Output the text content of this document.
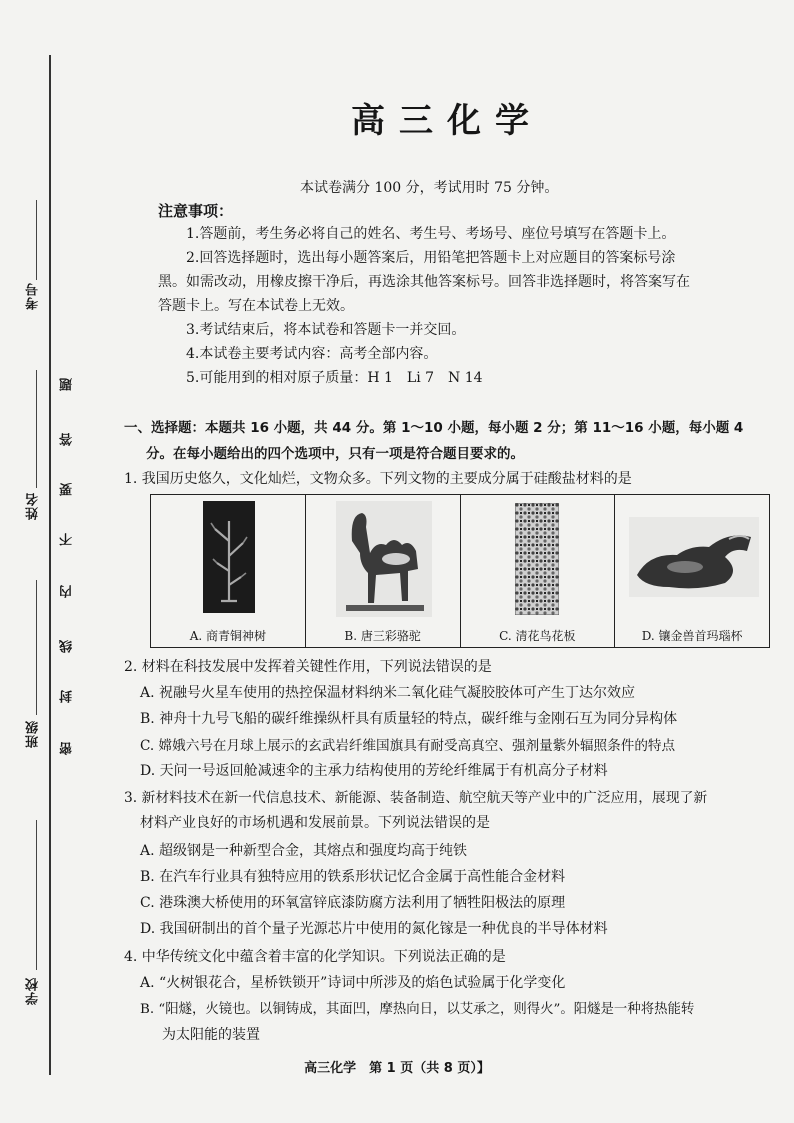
考号
姓名
班级
学校
题
答
要
不
内
线
封
密
高三化学
本试卷满分 100 分，考试用时 75 分钟。
注意事项：
1.答题前，考生务必将自己的姓名、考生号、考场号、座位号填写在答题卡上。
2.回答选择题时，选出每小题答案后，用铅笔把答题卡上对应题目的答案标号涂
黑。如需改动，用橡皮擦干净后，再选涂其他答案标号。回答非选择题时，将答案写在
答题卡上。写在本试卷上无效。
3.考试结束后，将本试卷和答题卡一并交回。
4.本试卷主要考试内容：高考全部内容。
5.可能用到的相对原子质量：H 1　Li 7　N 14
一、选择题：本题共 16 小题，共 44 分。第 1～10 小题，每小题 2 分；第 11～16 小题，每小题 4
分。在每小题给出的四个选项中，只有一项是符合题目要求的。
1. 我国历史悠久，文化灿烂，文物众多。下列文物的主要成分属于硅酸盐材料的是
A. 商青铜神树	B. 唐三彩骆驼	C. 清花鸟花板	D. 镶金兽首玛瑙杯
2. 材料在科技发展中发挥着关键性作用，下列说法错误的是
A. 祝融号火星车使用的热控保温材料纳米二氧化硅气凝胶胶体可产生丁达尔效应
B. 神舟十九号飞船的碳纤维操纵杆具有质量轻的特点，碳纤维与金刚石互为同分异构体
C. 嫦娥六号在月球上展示的玄武岩纤维国旗具有耐受高真空、强剂量紫外辐照条件的特点
D. 天问一号返回舱减速伞的主承力结构使用的芳纶纤维属于有机高分子材料
3. 新材料技术在新一代信息技术、新能源、装备制造、航空航天等产业中的广泛应用，展现了新
材料产业良好的市场机遇和发展前景。下列说法错误的是
A. 超级钢是一种新型合金，其熔点和强度均高于纯铁
B. 在汽车行业具有独特应用的铁系形状记忆合金属于高性能合金材料
C. 港珠澳大桥使用的环氧富锌底漆防腐方法利用了牺牲阳极法的原理
D. 我国研制出的首个量子光源芯片中使用的氮化镓是一种优良的半导体材料
4. 中华传统文化中蕴含着丰富的化学知识。下列说法正确的是
A. “火树银花合，星桥铁锁开”诗词中所涉及的焰色试验属于化学变化
B. “阳燧，火镜也。以铜铸成，其面凹，摩热向日，以艾承之，则得火”。阳燧是一种将热能转
为太阳能的装置
高三化学　第 1 页（共 8 页）】
